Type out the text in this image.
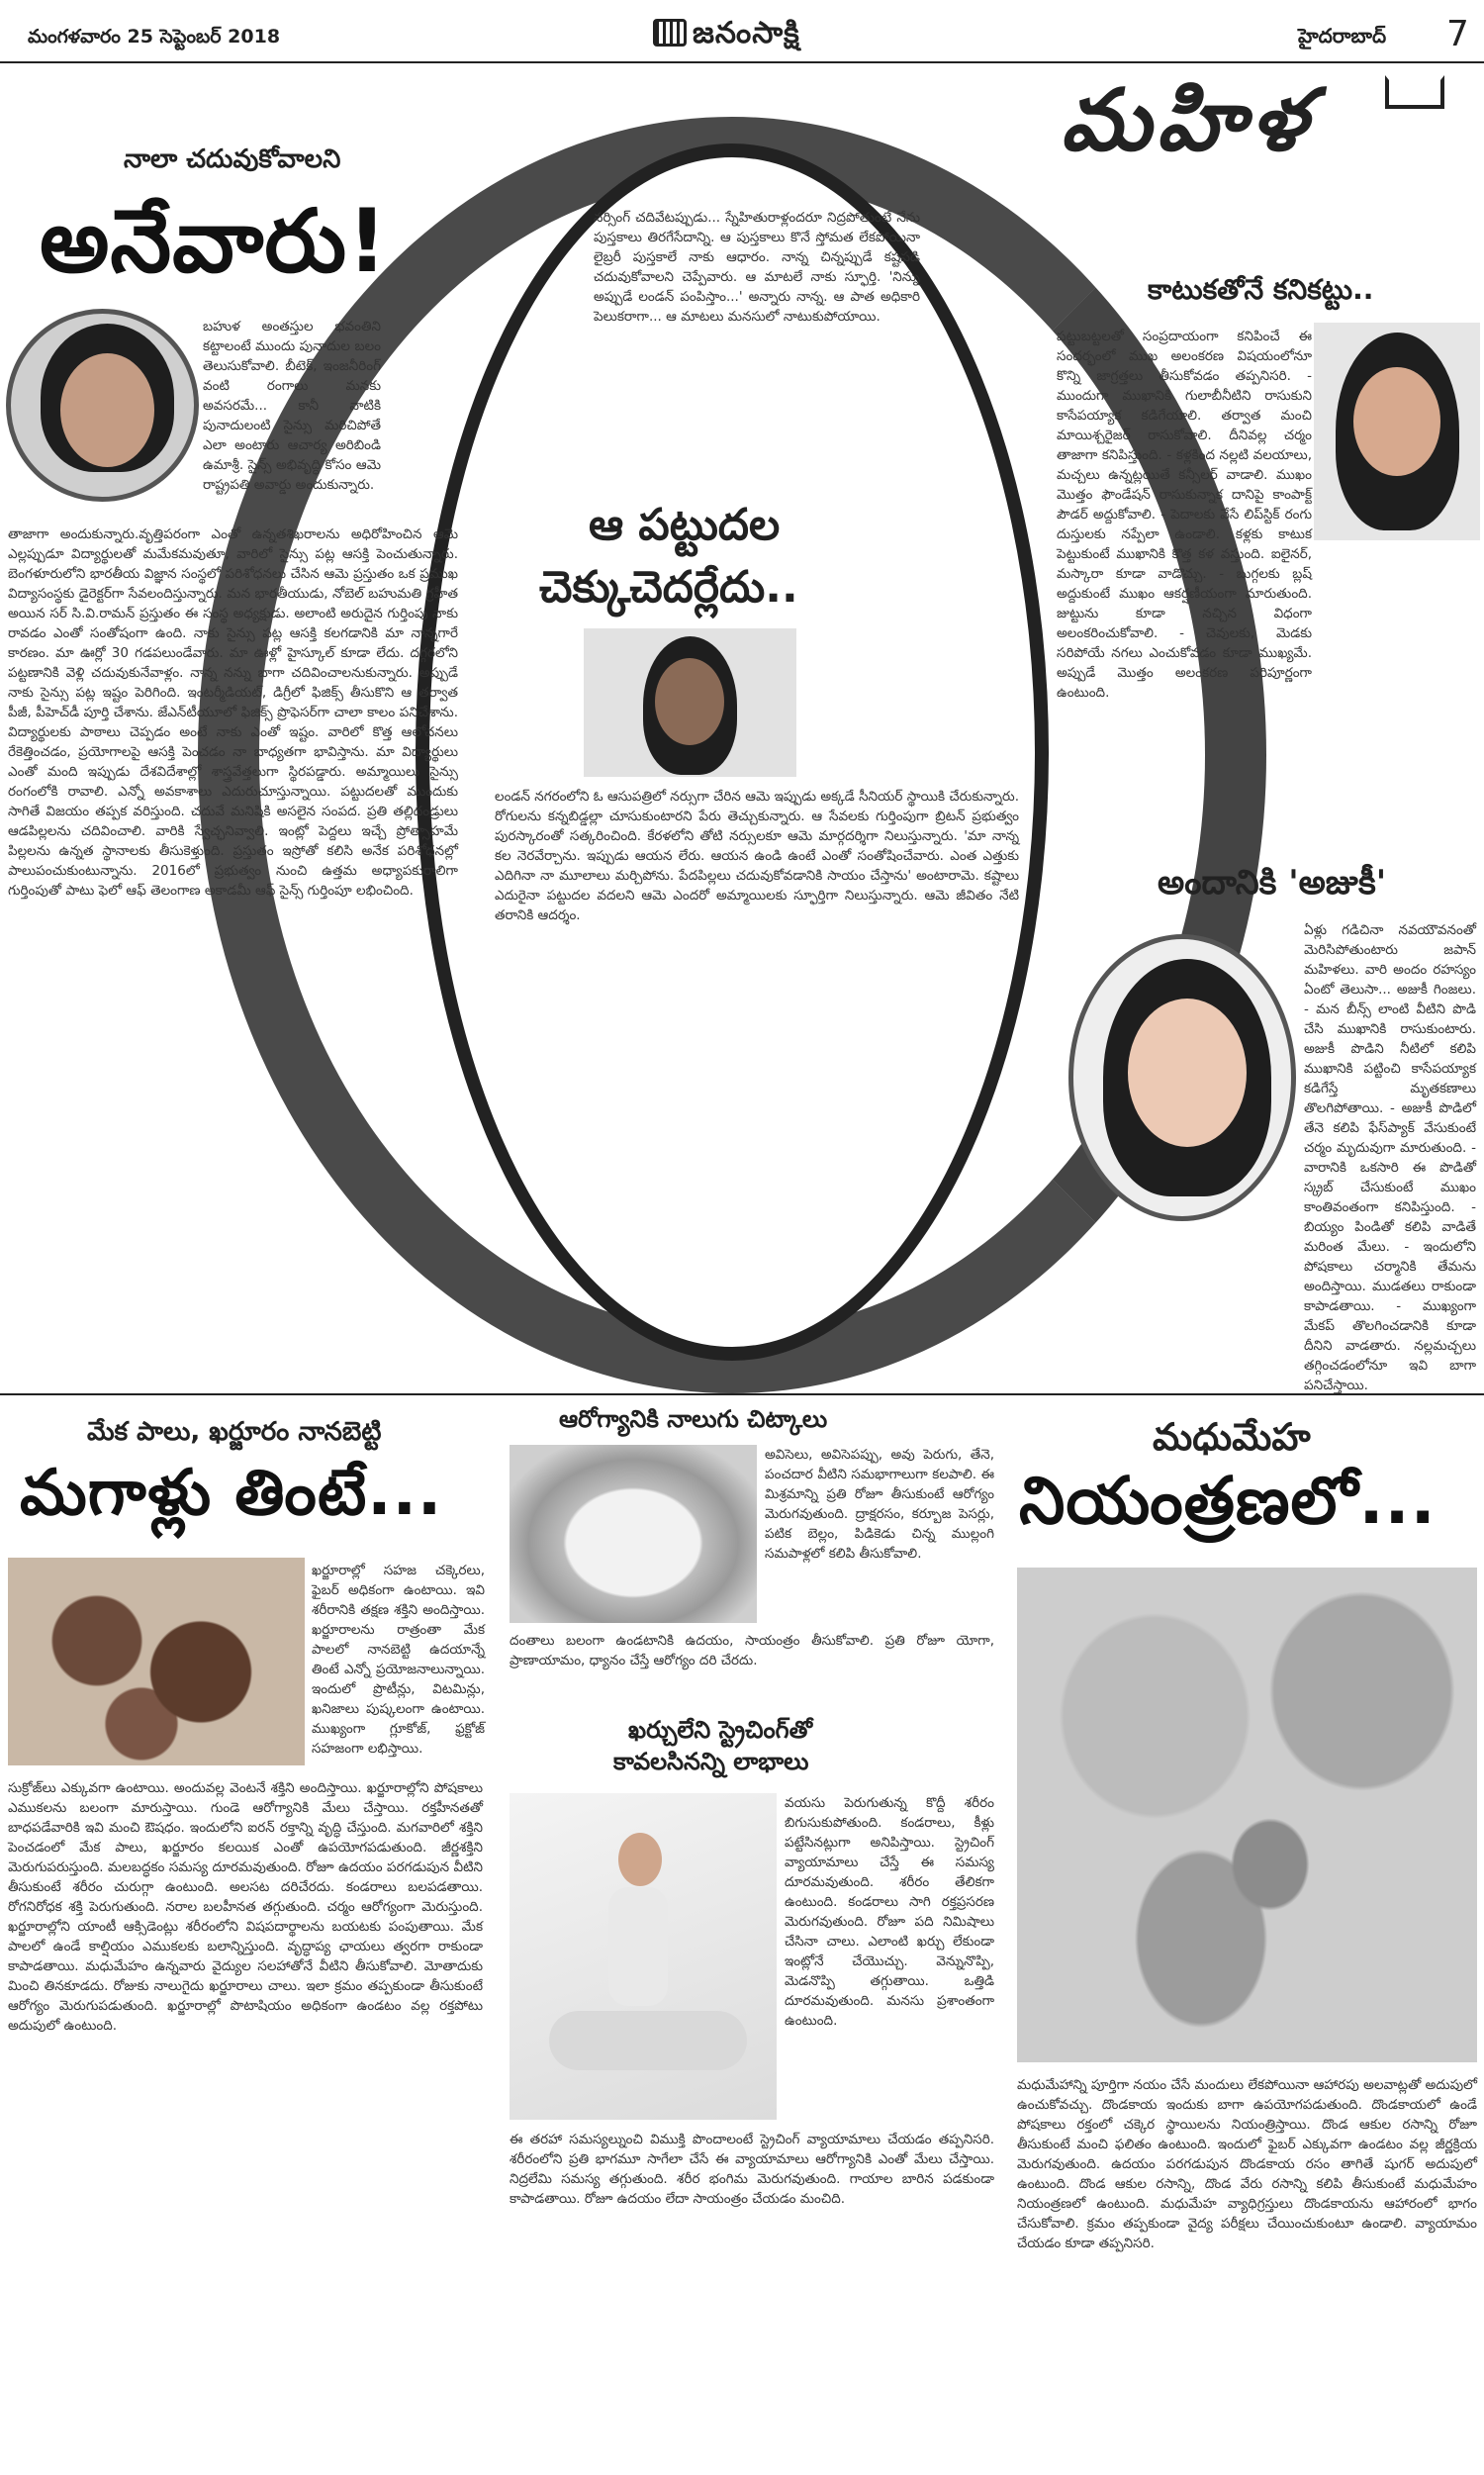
మంగళవారం 25 సెప్టెంబర్ 2018	జనంసాక్షి	హైదరాబాద్ 7
నాలా చదువుకోవాలని
అనేవారు!
బహుళ అంతస్తుల భవంతిని కట్టాలంటే ముందు పునాదుల బలం తెలుసుకోవాలి. బీటెక్, ఇంజనీరింగ్ వంటి రంగాలు మనకు అవసరమే... కానీ వాటికి పునాదులంటి సైన్సు మరిచిపోతే ఎలా అంటారు ఆచార్య అరిబిండి ఉమాశ్రీ. సైన్స్ అభివృద్ధి కోసం ఆమె రాష్ట్రపతి అవార్డు అందుకున్నారు.
తాజాగా అందుకున్నారు.వృత్తిపరంగా ఎంతో ఉన్నతశిఖరాలను అధిరోహించిన ఆమె ఎల్లప్పుడూ విద్యార్థులతో మమేకమవుతూ, వారిలో సైన్సు పట్ల ఆసక్తి పెంచుతున్నారు. బెంగళూరులోని భారతీయ విజ్ఞాన సంస్థలో పరిశోధనలు చేసిన ఆమె ప్రస్తుతం ఒక ప్రముఖ విద్యాసంస్థకు డైరెక్టర్‌గా సేవలందిస్తున్నారు. మన భారతీయుడు, నోబెల్ బహుమతి గ్రహీత అయిన సర్ సి.వి.రామన్ ప్రస్తుతం ఈ సంస్థ అధ్యక్షుడు. అలాంటి అరుదైన గుర్తింపు నాకు రావడం ఎంతో సంతోషంగా ఉంది. నాకు సైన్సు పట్ల ఆసక్తి కలగడానికి మా నాన్నగారే కారణం. మా ఊర్లో 30 గడపలుండేవారు. మా ఊళ్లో హైస్కూల్ కూడా లేదు. దగ్గరలోని పట్టణానికి వెళ్లి చదువుకునేవాళ్లం. నాన్న నన్ను బాగా చదివించాలనుకున్నారు. అప్పుడే నాకు సైన్సు పట్ల ఇష్టం పెరిగింది. ఇంటర్మీడియట్, డిగ్రీలో ఫిజిక్స్ తీసుకొని ఆ తర్వాత పీజీ, పీహెచ్‌డీ పూర్తి చేశాను. జేఎన్‌టీయూలో ఫిజిక్స్ ప్రొఫెసర్‌గా చాలా కాలం పనిచేశాను. విద్యార్థులకు పాఠాలు చెప్పడం అంటే నాకు ఎంతో ఇష్టం. వారిలో కొత్త ఆలోచనలు రేకెత్తించడం, ప్రయోగాలపై ఆసక్తి పెంచడం నా బాధ్యతగా భావిస్తాను. మా విద్యార్థులు ఎంతో మంది ఇప్పుడు దేశవిదేశాల్లో శాస్త్రవేత్తలుగా స్థిరపడ్డారు. అమ్మాయిలు సైన్సు రంగంలోకి రావాలి. ఎన్నో అవకాశాలు ఎదురుచూస్తున్నాయి. పట్టుదలతో ముందుకు సాగితే విజయం తప్పక వరిస్తుంది. చదువే మనిషికి అసలైన సంపద. ప్రతి తల్లిదండ్రులు ఆడపిల్లలను చదివించాలి. వారికి స్వేచ్ఛనివ్వాలి. ఇంట్లో పెద్దలు ఇచ్చే ప్రోత్సాహమే పిల్లలను ఉన్నత స్థానాలకు తీసుకెళ్తుంది. ప్రస్తుతం ఇస్రోతో కలిసి అనేక పరిశోధనల్లో పాలుపంచుకుంటున్నాను. 2016లో ప్రభుత్వం నుంచి ఉత్తమ అధ్యాపకురాలిగా గుర్తింపుతో పాటు ఫెలో ఆఫ్ తెలంగాణ అకాడమీ ఆఫ్ సైన్స్ గుర్తింపూ లభించింది.
నర్సింగ్ చదివేటప్పుడు... స్నేహితురాళ్లందరూ నిద్రపోతుంటే నేను పుస్తకాలు తిరగేసేదాన్ని. ఆ పుస్తకాలు కొనే స్తోమత లేకపోయినా లైబ్రరీ పుస్తకాలే నాకు ఆధారం. నాన్న చిన్నప్పుడే కష్టపడి చదువుకోవాలని చెప్పేవారు. ఆ మాటలే నాకు స్ఫూర్తి. 'నిన్ను అప్పుడే లండన్ పంపిస్తాం...' అన్నారు నాన్న. ఆ పాత అధికారి పెలుకరాగా... ఆ మాటలు మనసులో నాటుకుపోయాయి.
ఆ పట్టుదల
చెక్కుచెదర్లేదు..
లండన్ నగరంలోని ఓ ఆసుపత్రిలో నర్సుగా చేరిన ఆమె ఇప్పుడు అక్కడే సీనియర్ స్థాయికి చేరుకున్నారు. రోగులను కన్నబిడ్డల్లా చూసుకుంటారని పేరు తెచ్చుకున్నారు. ఆ సేవలకు గుర్తింపుగా బ్రిటన్ ప్రభుత్వం పురస్కారంతో సత్కరించింది. కేరళలోని తోటి నర్సులకూ ఆమె మార్గదర్శిగా నిలుస్తున్నారు. 'మా నాన్న కల నెరవేర్చాను. ఇప్పుడు ఆయన లేరు. ఆయన ఉండి ఉంటే ఎంతో సంతోషించేవారు. ఎంత ఎత్తుకు ఎదిగినా నా మూలాలు మర్చిపోను. పేదపిల్లలు చదువుకోవడానికి సాయం చేస్తాను' అంటారామె. కష్టాలు ఎదురైనా పట్టుదల వదలని ఆమె ఎందరో అమ్మాయిలకు స్ఫూర్తిగా నిలుస్తున్నారు. ఆమె జీవితం నేటి తరానికి ఆదర్శం.
మహిళ
కాటుకతోనే కనికట్టు..
పట్టుబట్టలతో సంప్రదాయంగా కనిపించే ఈ సందర్భంలో ముఖ అలంకరణ విషయంలోనూ కొన్ని జాగ్రత్తలు తీసుకోవడం తప్పనిసరి. - ముందుగా ముఖానికి గులాబీనీటిని రాసుకుని కాసేపయ్యాక కడిగేయాలి. తర్వాత మంచి మాయిశ్చరైజర్ రాసుకోవాలి. దీనివల్ల చర్మం తాజాగా కనిపిస్తుంది. - కళ్లకింద నల్లటి వలయాలు, మచ్చలు ఉన్నట్లయితే కన్సీలర్ వాడాలి. ముఖం మొత్తం ఫౌండేషన్ రాసుకున్నాక దానిపై కాంపాక్ట్ పౌడర్ అద్దుకోవాలి. - పెదాలకు వేసే లిప్‌స్టిక్ రంగు దుస్తులకు నప్పేలా ఉండాలి. కళ్లకు కాటుక పెట్టుకుంటే ముఖానికి కొత్త కళ వస్తుంది. ఐలైనర్, మస్కారా కూడా వాడొచ్చు. - బుగ్గలకు బ్లష్ అద్దుకుంటే ముఖం ఆకర్షణీయంగా మారుతుంది. జుట్టును కూడా నచ్చిన విధంగా అలంకరించుకోవాలి. - చెవులకు, మెడకు సరిపోయే నగలు ఎంచుకోవడం కూడా ముఖ్యమే. అప్పుడే మొత్తం అలంకరణ పరిపూర్ణంగా ఉంటుంది.
అందానికి 'అజుకీ'
ఏళ్లు గడిచినా నవయౌవనంతో మెరిసిపోతుంటారు జపాన్ మహిళలు. వారి అందం రహస్యం ఏంటో తెలుసా... అజుకీ గింజలు. - మన బీన్స్ లాంటి వీటిని పొడి చేసి ముఖానికి రాసుకుంటారు. అజుకీ పొడిని నీటిలో కలిపి ముఖానికి పట్టించి కాసేపయ్యాక కడిగేస్తే మృతకణాలు తొలగిపోతాయి. - అజుకీ పొడిలో తేనె కలిపి ఫేస్‌ప్యాక్ వేసుకుంటే చర్మం మృదువుగా మారుతుంది. - వారానికి ఒకసారి ఈ పొడితో స్క్రబ్ చేసుకుంటే ముఖం కాంతివంతంగా కనిపిస్తుంది. - బియ్యం పిండితో కలిపి వాడితే మరింత మేలు. - ఇందులోని పోషకాలు చర్మానికి తేమను అందిస్తాయి. ముడతలు రాకుండా కాపాడతాయి. - ముఖ్యంగా మేకప్ తొలగించడానికి కూడా దీనిని వాడతారు. నల్లమచ్చలు తగ్గించడంలోనూ ఇవి బాగా పనిచేస్తాయి.
మేక పాలు, ఖర్జూరం నానబెట్టి
మగాళ్లు తింటే...
ఖర్జూరాల్లో సహజ చక్కెరలు, ఫైబర్ అధికంగా ఉంటాయి. ఇవి శరీరానికి తక్షణ శక్తిని అందిస్తాయి. ఖర్జూరాలను రాత్రంతా మేక పాలలో నానబెట్టి ఉదయాన్నే తింటే ఎన్నో ప్రయోజనాలున్నాయి. ఇందులో ప్రొటీన్లు, విటమిన్లు, ఖనిజాలు పుష్కలంగా ఉంటాయి. ముఖ్యంగా గ్లూకోజ్, ఫ్రక్టోజ్ సహజంగా లభిస్తాయి.
సుక్రోజ్‌లు ఎక్కువగా ఉంటాయి. అందువల్ల వెంటనే శక్తిని అందిస్తాయి. ఖర్జూరాల్లోని పోషకాలు ఎముకలను బలంగా మారుస్తాయి. గుండె ఆరోగ్యానికి మేలు చేస్తాయి. రక్తహీనతతో బాధపడేవారికి ఇవి మంచి ఔషధం. ఇందులోని ఐరన్ రక్తాన్ని వృద్ధి చేస్తుంది. మగవారిలో శక్తిని పెంచడంలో మేక పాలు, ఖర్జూరం కలయిక ఎంతో ఉపయోగపడుతుంది. జీర్ణశక్తిని మెరుగుపరుస్తుంది. మలబద్ధకం సమస్య దూరమవుతుంది. రోజూ ఉదయం పరగడుపున వీటిని తీసుకుంటే శరీరం చురుగ్గా ఉంటుంది. అలసట దరిచేరదు. కండరాలు బలపడతాయి. రోగనిరోధక శక్తి పెరుగుతుంది. నరాల బలహీనత తగ్గుతుంది. చర్మం ఆరోగ్యంగా మెరుస్తుంది. ఖర్జూరాల్లోని యాంటీ ఆక్సిడెంట్లు శరీరంలోని విషపదార్థాలను బయటకు పంపుతాయి. మేక పాలలో ఉండే కాల్షియం ఎముకలకు బలాన్నిస్తుంది. వృద్ధాప్య ఛాయలు త్వరగా రాకుండా కాపాడతాయి. మధుమేహం ఉన్నవారు వైద్యుల సలహాతోనే వీటిని తీసుకోవాలి. మోతాదుకు మించి తినకూడదు. రోజుకు నాలుగైదు ఖర్జూరాలు చాలు. ఇలా క్రమం తప్పకుండా తీసుకుంటే ఆరోగ్యం మెరుగుపడుతుంది. ఖర్జూరాల్లో పొటాషియం అధికంగా ఉండటం వల్ల రక్తపోటు అదుపులో ఉంటుంది.
ఆరోగ్యానికి నాలుగు చిట్కాలు
అవిసెలు, అవిసెపప్పు, అవు పెరుగు, తేనె, పంచదార వీటిని సమభాగాలుగా కలపాలి. ఈ మిశ్రమాన్ని ప్రతి రోజూ తీసుకుంటే ఆరోగ్యం మెరుగవుతుంది. ద్రాక్షరసం, కర్బూజ పెసర్లు, పటిక బెల్లం, పిడికెడు చిన్న ముల్లంగి సమపాళ్లలో కలిపి తీసుకోవాలి.
దంతాలు బలంగా ఉండటానికి ఉదయం, సాయంత్రం తీసుకోవాలి. ప్రతి రోజూ యోగా, ప్రాణాయామం, ధ్యానం చేస్తే ఆరోగ్యం దరి చేరదు.
ఖర్చులేని స్ట్రెచింగ్‌తో
కావలసినన్ని లాభాలు
వయసు పెరుగుతున్న కొద్దీ శరీరం బిగుసుకుపోతుంది. కండరాలు, కీళ్లు పట్టేసినట్లుగా అనిపిస్తాయి. స్ట్రెచింగ్ వ్యాయామాలు చేస్తే ఈ సమస్య దూరమవుతుంది. శరీరం తేలికగా ఉంటుంది. కండరాలు సాగి రక్తప్రసరణ మెరుగవుతుంది. రోజూ పది నిమిషాలు చేసినా చాలు. ఎలాంటి ఖర్చు లేకుండా ఇంట్లోనే చేయొచ్చు. వెన్నునొప్పి, మెడనొప్పి తగ్గుతాయి. ఒత్తిడి దూరమవుతుంది. మనసు ప్రశాంతంగా ఉంటుంది.
ఈ తరహా సమస్యల్నుంచి విముక్తి పొందాలంటే స్ట్రెచింగ్ వ్యాయామాలు చేయడం తప్పనిసరి. శరీరంలోని ప్రతి భాగమూ సాగేలా చేసే ఈ వ్యాయామాలు ఆరోగ్యానికి ఎంతో మేలు చేస్తాయి. నిద్రలేమి సమస్య తగ్గుతుంది. శరీర భంగిమ మెరుగవుతుంది. గాయాల బారిన పడకుండా కాపాడతాయి. రోజూ ఉదయం లేదా సాయంత్రం చేయడం మంచిది.
మధుమేహ
నియంత్రణలో...
మధుమేహాన్ని పూర్తిగా నయం చేసే మందులు లేకపోయినా ఆహారపు అలవాట్లతో అదుపులో ఉంచుకోవచ్చు. దొండకాయ ఇందుకు బాగా ఉపయోగపడుతుంది. దొండకాయలో ఉండే పోషకాలు రక్తంలో చక్కెర స్థాయిలను నియంత్రిస్తాయి. దొండ ఆకుల రసాన్ని రోజూ తీసుకుంటే మంచి ఫలితం ఉంటుంది. ఇందులో ఫైబర్ ఎక్కువగా ఉండటం వల్ల జీర్ణక్రియ మెరుగవుతుంది. ఉదయం పరగడుపున దొండకాయ రసం తాగితే షుగర్ అదుపులో ఉంటుంది. దొండ ఆకుల రసాన్ని, దొండ వేరు రసాన్ని కలిపి తీసుకుంటే మధుమేహం నియంత్రణలో ఉంటుంది. మధుమేహ వ్యాధిగ్రస్తులు దొండకాయను ఆహారంలో భాగం చేసుకోవాలి. క్రమం తప్పకుండా వైద్య పరీక్షలు చేయించుకుంటూ ఉండాలి. వ్యాయామం చేయడం కూడా తప్పనిసరి.
